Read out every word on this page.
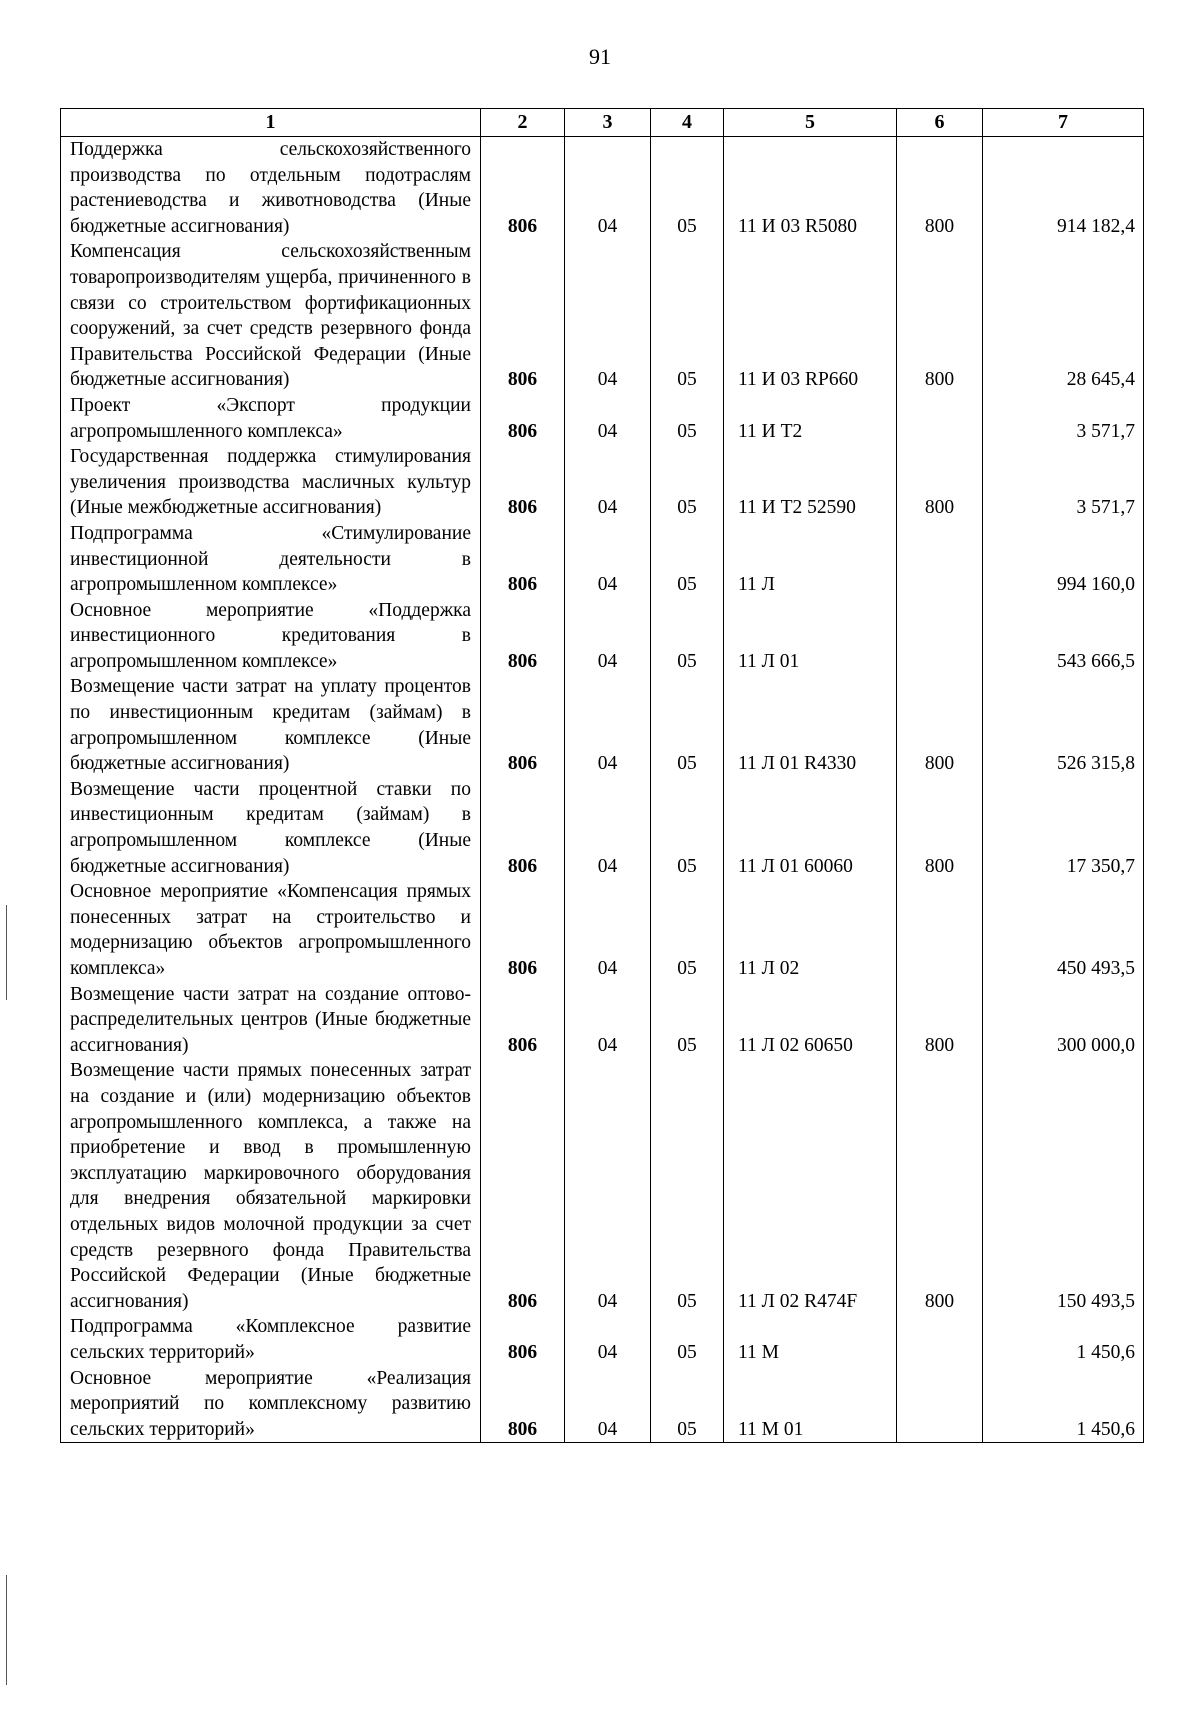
91
1	2	3	4	5	6	7
Поддержка сельскохозяйственного производства по отдельным подотраслям растениеводства и животноводства (Иные бюджетные ассигнования)	806	04	05	11 И 03 R5080	800	914 182,4
Компенсация сельскохозяйственным товаропроизводителям ущерба, причиненного в связи со строительством фортификационных сооружений, за счет средств резервного фонда Правительства Российской Федерации (Иные бюджетные ассигнования)	806	04	05	11 И 03 RP660	800	28 645,4
Проект «Экспорт продукции агропромышленного комплекса»	806	04	05	11 И Т2		3 571,7
Государственная поддержка стимулирования увеличения производства масличных культур (Иные межбюджетные ассигнования)	806	04	05	11 И Т2 52590	800	3 571,7
Подпрограмма «Стимулирование инвестиционной деятельности в агропромышленном комплексе»	806	04	05	11 Л		994 160,0
Основное мероприятие «Поддержка инвестиционного кредитования в агропромышленном комплексе»	806	04	05	11 Л 01		543 666,5
Возмещение части затрат на уплату процентов по инвестиционным кредитам (займам) в агропромышленном комплексе (Иные бюджетные ассигнования)	806	04	05	11 Л 01 R4330	800	526 315,8
Возмещение части процентной ставки по инвестиционным кредитам (займам) в агропромышленном комплексе (Иные бюджетные ассигнования)	806	04	05	11 Л 01 60060	800	17 350,7
Основное мероприятие «Компенсация прямых понесенных затрат на строительство и модернизацию объектов агропромышленного комплекса»	806	04	05	11 Л 02		450 493,5
Возмещение части затрат на создание оптово-распределительных центров (Иные бюджетные ассигнования)	806	04	05	11 Л 02 60650	800	300 000,0
Возмещение части прямых понесенных затрат на создание и (или) модернизацию объектов агропромышленного комплекса, а также на приобретение и ввод в промышленную эксплуатацию маркировочного оборудования для внедрения обязательной маркировки отдельных видов молочной продукции за счет средств резервного фонда Правительства Российской Федерации (Иные бюджетные ассигнования)	806	04	05	11 Л 02 R474F	800	150 493,5
Подпрограмма «Комплексное развитие сельских территорий»	806	04	05	11 М		1 450,6
Основное мероприятие «Реализация мероприятий по комплексному развитию сельских территорий»	806	04	05	11 М 01		1 450,6
